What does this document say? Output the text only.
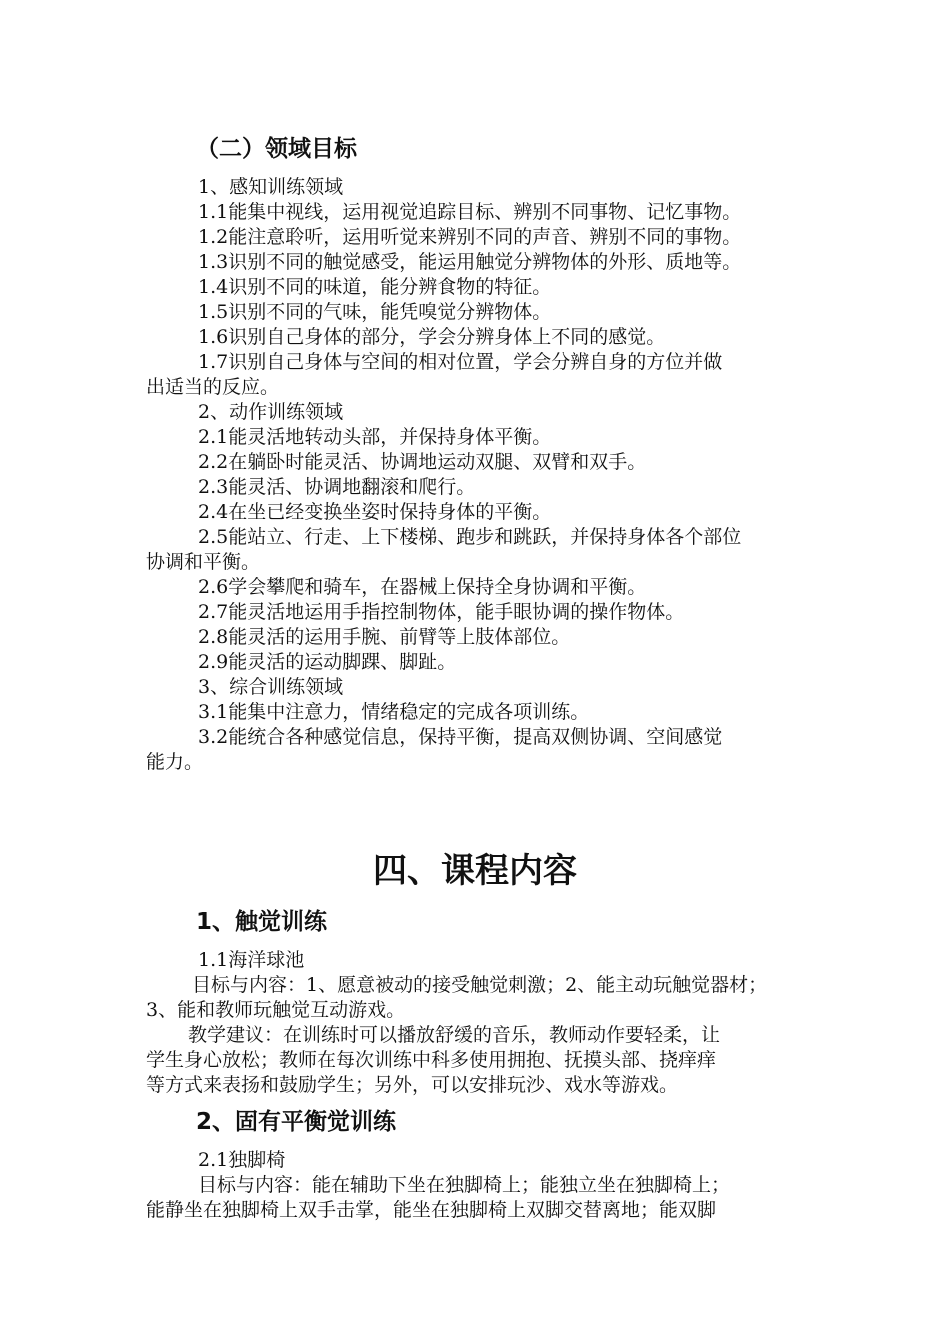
（二）领域目标
1、感知训练领域
1.1能集中视线，运用视觉追踪目标、辨别不同事物、记忆事物。
1.2能注意聆听，运用听觉来辨别不同的声音、辨别不同的事物。
1.3识别不同的触觉感受，能运用触觉分辨物体的外形、质地等。
1.4识别不同的味道，能分辨食物的特征。
1.5识别不同的气味，能凭嗅觉分辨物体。
1.6识别自己身体的部分，学会分辨身体上不同的感觉。
1.7识别自己身体与空间的相对位置，学会分辨自身的方位并做
出适当的反应。
2、动作训练领域
2.1能灵活地转动头部，并保持身体平衡。
2.2在躺卧时能灵活、协调地运动双腿、双臂和双手。
2.3能灵活、协调地翻滚和爬行。
2.4在坐已经变换坐姿时保持身体的平衡。
2.5能站立、行走、上下楼梯、跑步和跳跃，并保持身体各个部位
协调和平衡。
2.6学会攀爬和骑车，在器械上保持全身协调和平衡。
2.7能灵活地运用手指控制物体，能手眼协调的操作物体。
2.8能灵活的运用手腕、前臂等上肢体部位。
2.9能灵活的运动脚踝、脚趾。
3、综合训练领域
3.1能集中注意力，情绪稳定的完成各项训练。
3.2能统合各种感觉信息，保持平衡，提高双侧协调、空间感觉
能力。
四、课程内容
1、触觉训练
1.1海洋球池
目标与内容：1、愿意被动的接受触觉刺激；2、能主动玩触觉器材；
3、能和教师玩触觉互动游戏。
教学建议：在训练时可以播放舒缓的音乐，教师动作要轻柔，让
学生身心放松；教师在每次训练中科多使用拥抱、抚摸头部、挠痒痒
等方式来表扬和鼓励学生；另外，可以安排玩沙、戏水等游戏。
2、固有平衡觉训练
2.1独脚椅
目标与内容：能在辅助下坐在独脚椅上；能独立坐在独脚椅上；
能静坐在独脚椅上双手击掌，能坐在独脚椅上双脚交替离地；能双脚
